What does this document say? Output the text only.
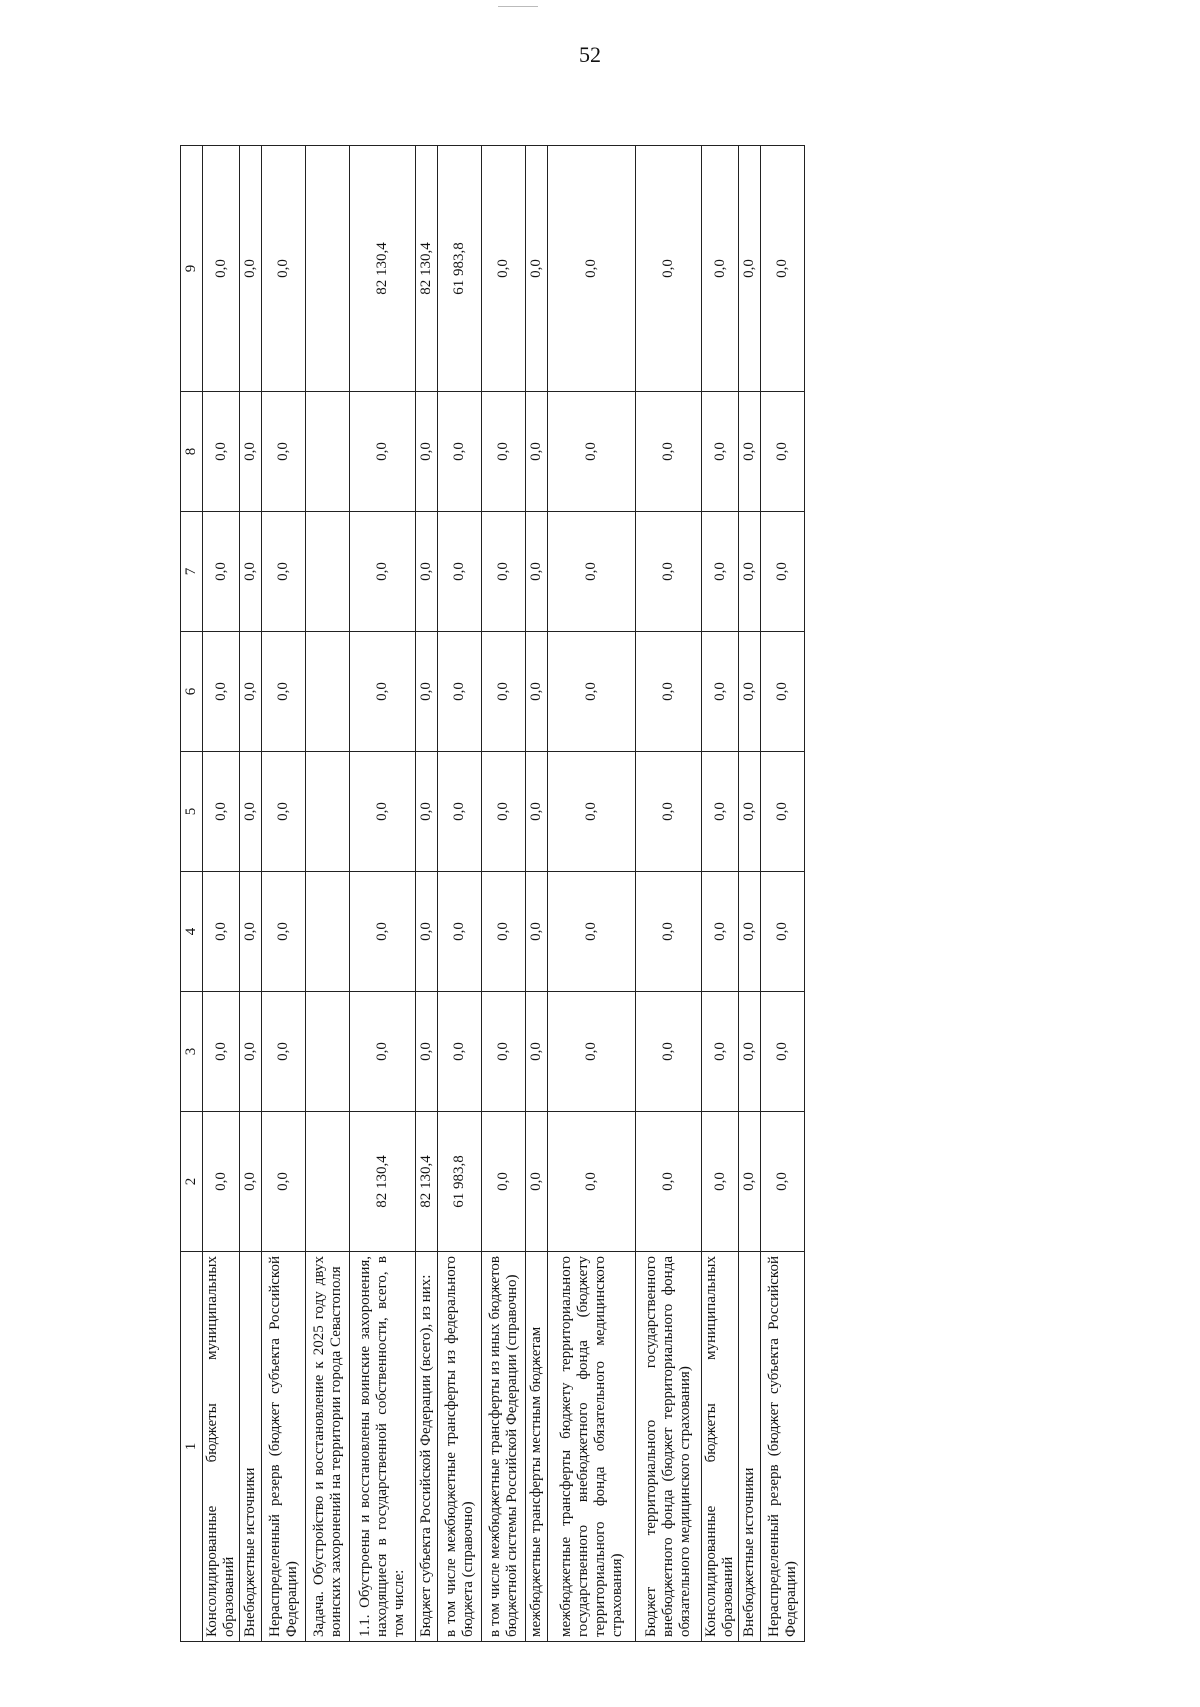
52
1	2	3	4	5	6	7	8	9
Консолидированные бюджеты муниципальных образований	0,0	0,0	0,0	0,0	0,0	0,0	0,0	0,0
Внебюджетные источники	0,0	0,0	0,0	0,0	0,0	0,0	0,0	0,0
Нераспределенный резерв (бюджет субъекта Российской Федерации)	0,0	0,0	0,0	0,0	0,0	0,0	0,0	0,0
Задача. Обустройство и восстановление к 2025 году двух воинских захоронений на территории города Севастополя								
1.1. Обустроены и восстановлены воинские захоронения, находящиеся в государственной собственности, всего, в том числе:	82 130,4	0,0	0,0	0,0	0,0	0,0	0,0	82 130,4
Бюджет субъекта Российской Федерации (всего), из них:	82 130,4	0,0	0,0	0,0	0,0	0,0	0,0	82 130,4
в том числе межбюджетные трансферты из федерального бюджета (справочно)	61 983,8	0,0	0,0	0,0	0,0	0,0	0,0	61 983,8
в том числе межбюджетные трансферты из иных бюджетов бюджетной системы Российской Федерации (справочно)	0,0	0,0	0,0	0,0	0,0	0,0	0,0	0,0
межбюджетные трансферты местным бюджетам	0,0	0,0	0,0	0,0	0,0	0,0	0,0	0,0
межбюджетные трансферты бюджету территориального государственного внебюджетного фонда (бюджету территориального фонда обязательного медицинского страхования)	0,0	0,0	0,0	0,0	0,0	0,0	0,0	0,0
Бюджет территориального государственного внебюджетного фонда (бюджет территориального фонда обязательного медицинского страхования)	0,0	0,0	0,0	0,0	0,0	0,0	0,0	0,0
Консолидированные бюджеты муниципальных образований	0,0	0,0	0,0	0,0	0,0	0,0	0,0	0,0
Внебюджетные источники	0,0	0,0	0,0	0,0	0,0	0,0	0,0	0,0
Нераспределенный резерв (бюджет субъекта Российской Федерации)	0,0	0,0	0,0	0,0	0,0	0,0	0,0	0,0
